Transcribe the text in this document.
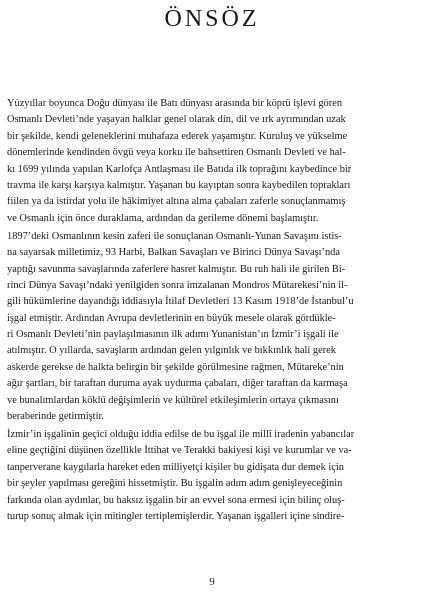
ÖNSÖZ

Yüzyıllar boyunca Doğu dünyası ile Batı dünyası arasında bir köprü işlevi gören
Osmanlı Devleti’nde yaşayan halklar genel olarak din, dil ve ırk ayrımından uzak
bir şekilde, kendi geleneklerini muhafaza ederek yaşamıştır. Kuruluş ve yükselme
dönemlerinde kendinden övgü veya korku ile bahsettiren Osmanlı Devleti ve hal-
kı 1699 yılında yapılan Karlofça Antlaşması ile Batıda ilk toprağını kaybedince bir
travma ile karşı karşıya kalmıştır. Yaşanan bu kayıptan sonra kaybedilen toprakları
fiilen ya da istirdat yolu ile hâkimiyet altına alma çabaları zaferle sonuçlanmamış
ve Osmanlı için önce duraklama, ardından da gerileme dönemi başlamıştır.

1897’deki Osmanlının kesin zaferi ile sonuçlanan Osmanlı-Yunan Savaşını istis-
na sayarsak milletimiz, 93 Harbi, Balkan Savaşları ve Birinci Dünya Savaşı’nda
yaptığı savunma savaşlarında zaferlere hasret kalmıştır. Bu ruh hali ile girilen Bi-
rinci Dünya Savaşı’ndaki yenilgiden sonra imzalanan Mondros Mütarekesi’nin il-
gili hükümlerine dayandığı iddiasıyla İtilaf Devletleri 13 Kasım 1918’de İstanbul’u
işgal etmiştir. Ardından Avrupa devletlerinin en büyük mesele olarak gördükle-
ri Osmanlı Devleti’nin paylaşılmasının ilk adımı Yunanistan’ın İzmir’i işgali ile
atılmıştır. O yıllarda, savaşların ardından gelen yılgınlık ve bıkkınlık hali gerek
askerde gerekse de halkta belirgin bir şekilde görülmesine rağmen, Mütareke’nin
ağır şartları, bir taraftan duruma ayak uydurma çabaları, diğer taraftan da karmaşa
ve bunalımlardan köklü değişimlerin ve kültürel etkileşimlerin ortaya çıkmasını
beraberinde getirmiştir.

İzmir’in işgalinin geçici olduğu iddia edilse de bu işgal ile millî iradenin yabancılar
eline geçtiğini düşünen özellikle İttihat ve Terakki bakiyesi kişi ve kurumlar ve va-
tanperverane kaygılarla hareket eden milliyetçi kişiler bu gidişata dur demek için
bir şeyler yapılması gereğini hissetmiştir. Bu işgalin adım adım genişleyeceğinin
farkında olan aydınlar, bu haksız işgalin bir an evvel sona ermesi için bilinç oluş-
turup sonuç almak için mitingler tertiplemişlerdir. Yaşanan işgalleri içine sindire-

9
